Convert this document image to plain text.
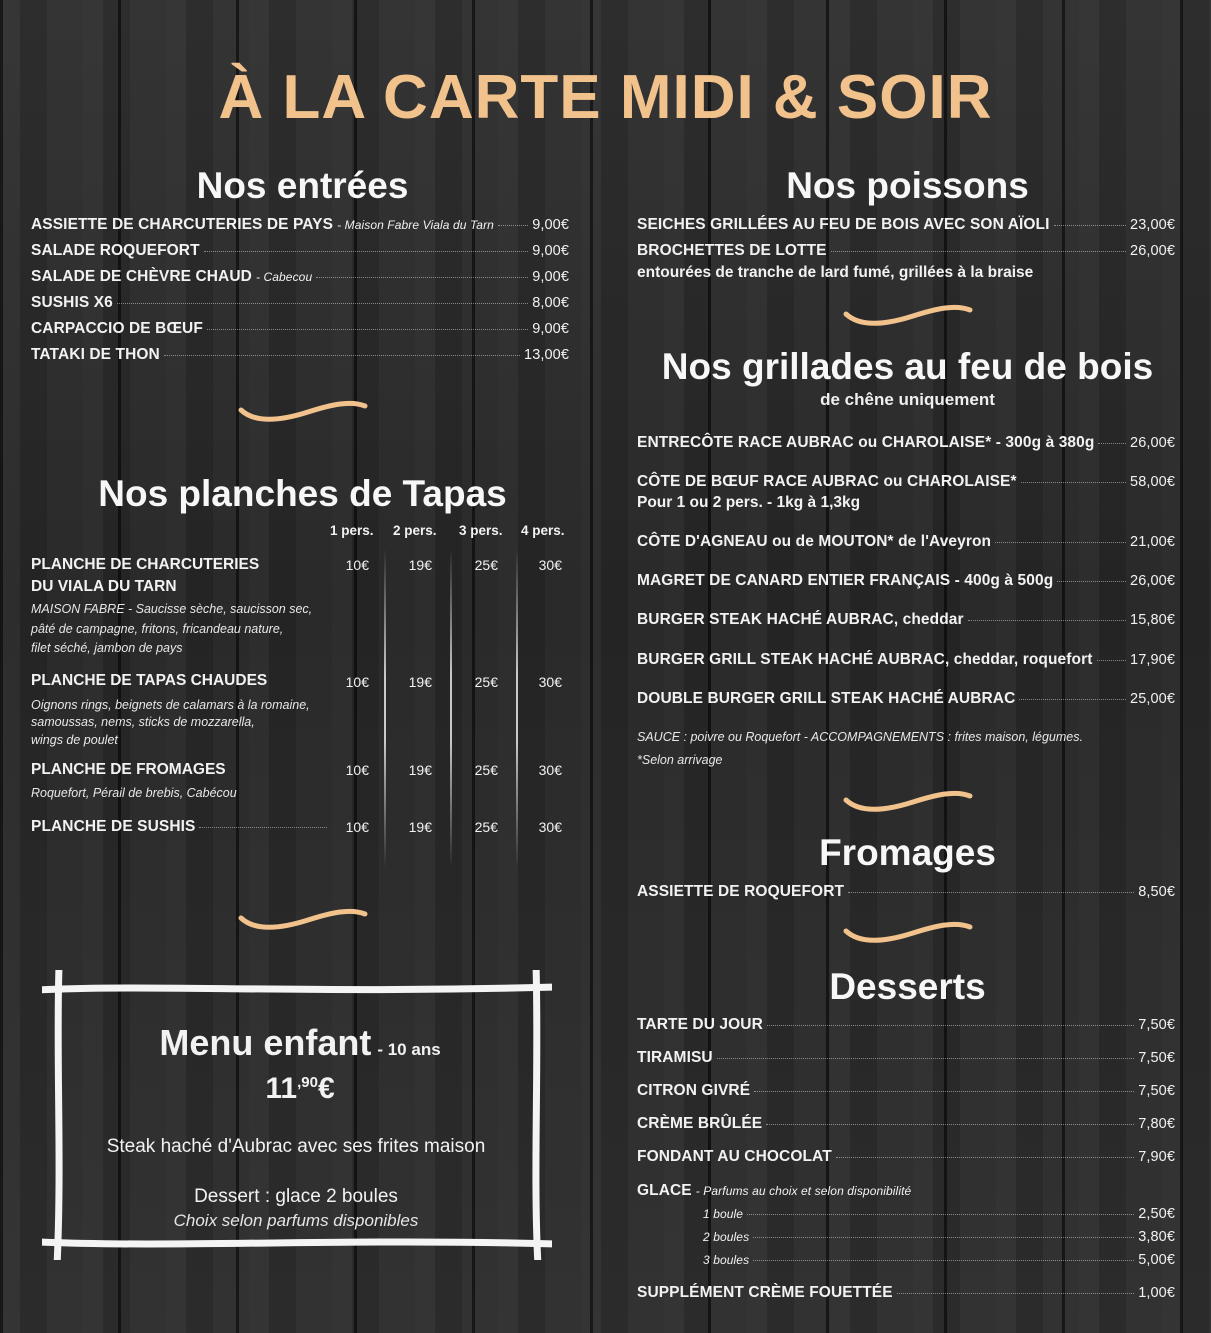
À LA CARTE MIDI & SOIR
Nos entrées
ASSIETTE DE CHARCUTERIES DE PAYS - Maison Fabre Viala du Tarn	9,00€
SALADE ROQUEFORT	9,00€
SALADE DE CHÈVRE CHAUD - Cabecou	9,00€
SUSHIS X6	8,00€
CARPACCIO DE BŒUF	9,00€
TATAKI DE THON	13,00€
Nos planches de Tapas
1 pers. 2 pers. 3 pers. 4 pers.
PLANCHE DE CHARCUTERIES
DU VIALA DU TARN
MAISON FABRE - Saucisse sèche, saucisson sec,
pâté de campagne, fritons, fricandeau nature,
filet séché, jambon de pays
10€	19€	25€	30€
PLANCHE DE TAPAS CHAUDES
Oignons rings, beignets de calamars à la romaine,
samoussas, nems, sticks de mozzarella,
wings de poulet
10€	19€	25€	30€
PLANCHE DE FROMAGES
Roquefort, Pérail de brebis, Cabécou
10€	19€	25€	30€
PLANCHE DE SUSHIS	10€	19€	25€	30€
Menu enfant - 10 ans
$11^{,90}€$
Steak haché d'Aubrac avec ses frites maison
Dessert : glace 2 boules
Choix selon parfums disponibles
Nos poissons
SEICHES GRILLÉES AU FEU DE BOIS AVEC SON AÏOLI	23,00€
BROCHETTES DE LOTTE	26,00€
entourées de tranche de lard fumé, grillées à la braise
Nos grillades au feu de bois
de chêne uniquement
ENTRECÔTE RACE AUBRAC ou CHAROLAISE* - 300g à 380g 26,00€
CÔTE DE BŒUF RACE AUBRAC ou CHAROLAISE*	58,00€
Pour 1 ou 2 pers. - 1kg à 1,3kg
CÔTE D'AGNEAU ou de MOUTON* de l'Aveyron	21,00€
MAGRET DE CANARD ENTIER FRANÇAIS - 400g à 500g	26,00€
BURGER STEAK HACHÉ AUBRAC, cheddar	15,80€
BURGER GRILL STEAK HACHÉ AUBRAC, cheddar, roquefort	17,90€
DOUBLE BURGER GRILL STEAK HACHÉ AUBRAC	25,00€
SAUCE : poivre ou Roquefort - ACCOMPAGNEMENTS : frites maison, légumes.
*Selon arrivage
Fromages
ASSIETTE DE ROQUEFORT	8,50€
Desserts
TARTE DU JOUR	7,50€
TIRAMISU	7,50€
CITRON GIVRÉ	7,50€
CRÈME BRÛLÉE	7,80€
FONDANT AU CHOCOLAT	7,90€
GLACE - Parfums au choix et selon disponibilité
1 boule	2,50€
2 boules	3,80€
3 boules	5,00€
SUPPLÉMENT CRÈME FOUETTÉE	1,00€
